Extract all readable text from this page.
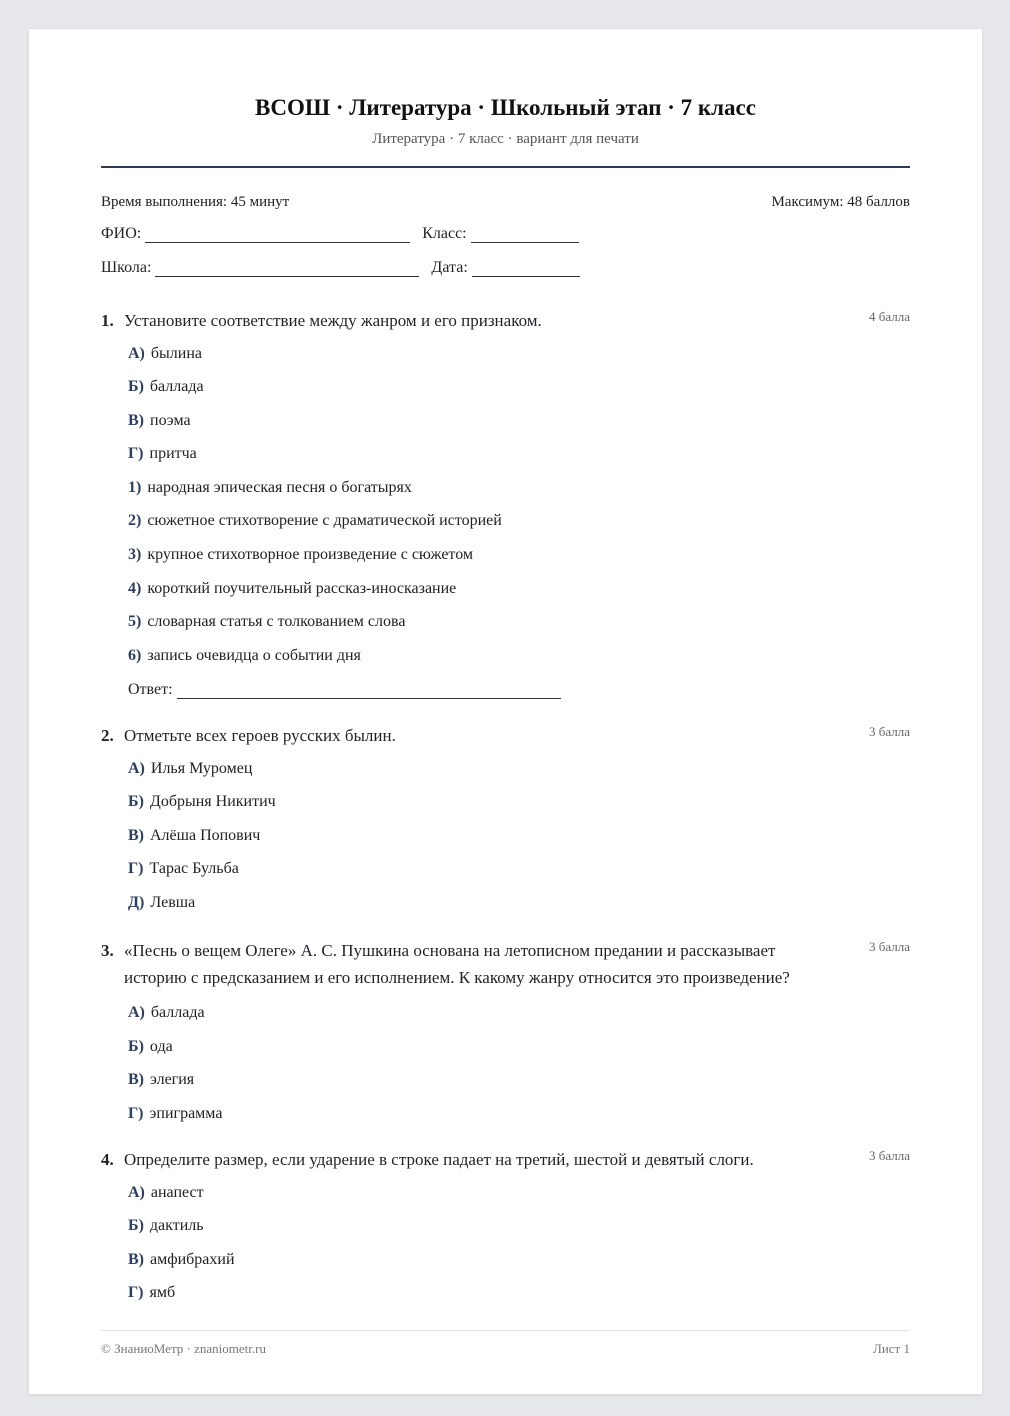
ВСОШ · Литература · Школьный этап · 7 класс
Литература · 7 класс · вариант для печати
Время выполнения: 45 минут	Максимум: 48 баллов
ФИО:	Класс:
Школа:	Дата:
1. Установите соответствие между жанром и его признаком.	4 балла
А) былина
Б) баллада
В) поэма
Г) притча
1) народная эпическая песня о богатырях
2) сюжетное стихотворение с драматической историей
3) крупное стихотворное произведение с сюжетом
4) короткий поучительный рассказ-иносказание
5) словарная статья с толкованием слова
6) запись очевидца о событии дня
Ответ:
2. Отметьте всех героев русских былин.	3 балла
А) Илья Муромец
Б) Добрыня Никитич
В) Алёша Попович
Г) Тарас Бульба
Д) Левша
3. «Песнь о вещем Олеге» А. С. Пушкина основана на летописном предании и рассказывает историю с предсказанием и его исполнением. К какому жанру относится это произведение?
3 балла
А) баллада
Б) ода
В) элегия
Г) эпиграмма
4. Определите размер, если ударение в строке падает на третий, шестой и девятый слоги.	3 балла
А) анапест
Б) дактиль
В) амфибрахий
Г) ямб
© ЗнаниоМетр · znaniometr.ru	Лист 1
